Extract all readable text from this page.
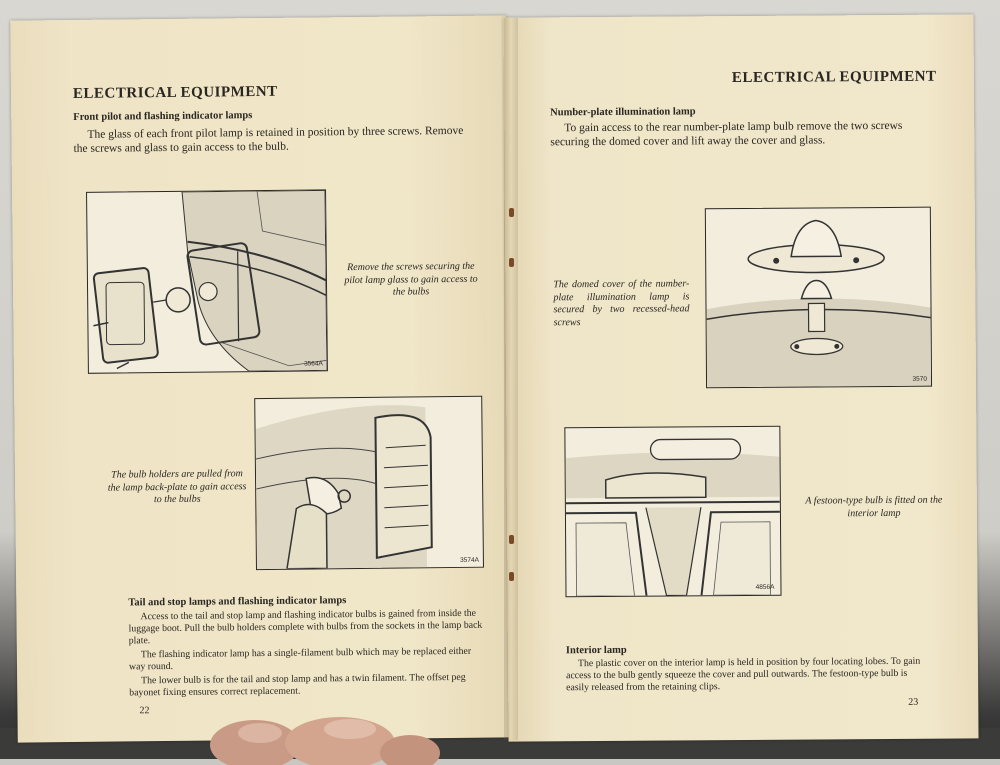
ELECTRICAL EQUIPMENT
Front pilot and flashing indicator lamps
The glass of each front pilot lamp is retained in position by three screws. Remove the screws and glass to gain access to the bulb.
3564A
Remove the screws securing the pilot lamp glass to gain access to the bulbs
3574A
The bulb holders are pulled from the lamp back-plate to gain access to the bulbs
Tail and stop lamps and flashing indicator lamps
Access to the tail and stop lamp and flashing indicator bulbs is gained from inside the luggage boot. Pull the bulb holders complete with bulbs from the sockets in the lamp back plate.
The flashing indicator lamp has a single-filament bulb which may be replaced either way round.
The lower bulb is for the tail and stop lamp and has a twin filament. The offset peg bayonet fixing ensures correct replacement.
22
ELECTRICAL EQUIPMENT
Number-plate illumination lamp
To gain access to the rear number-plate lamp bulb remove the two screws securing the domed cover and lift away the cover and glass.
3570
The domed cover of the number-plate illumination lamp is secured by two recessed-head screws
4856A
A festoon-type bulb is fitted on the interior lamp
Interior lamp
The plastic cover on the interior lamp is held in position by four locating lobes. To gain access to the bulb gently squeeze the cover and pull outwards. The festoon-type bulb is easily released from the retaining clips.
23
